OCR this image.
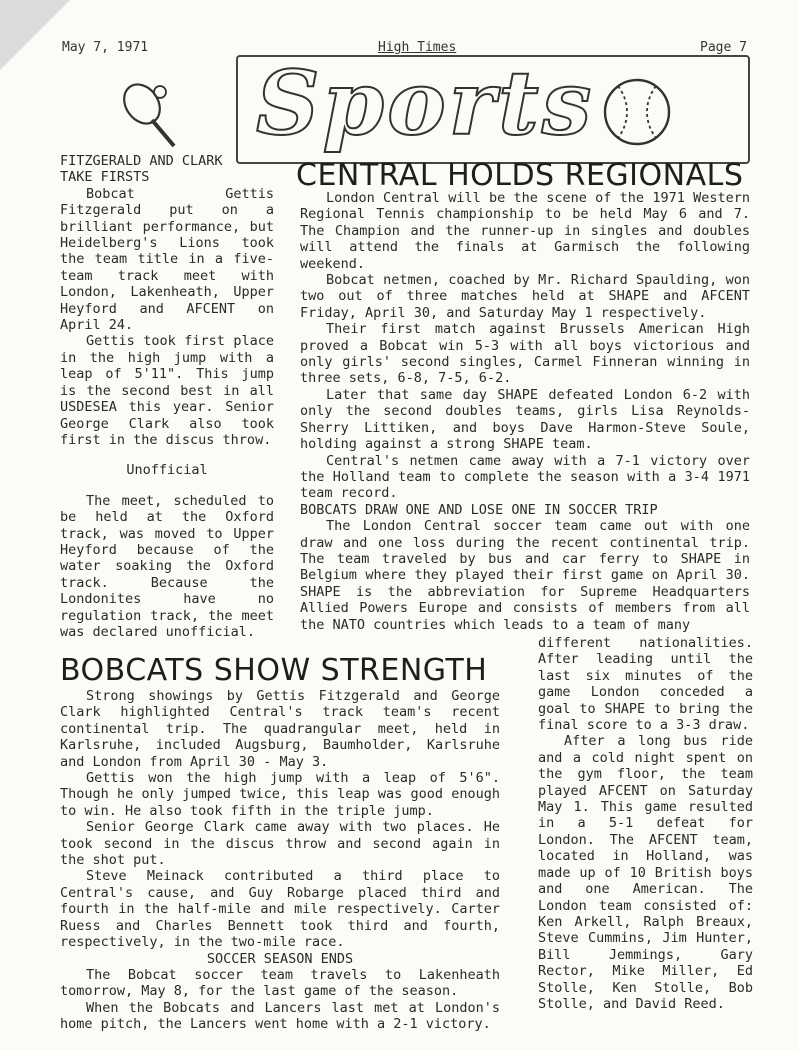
May 7, 1971	High Times	Page 7
Sports
FITZGERALD AND CLARK
TAKE FIRSTS

Bobcat Gettis Fitzgerald put on a brilliant performance, but Heidelberg's Lions took the team title in a five-team track meet with London, Lakenheath, Upper Heyford and AFCENT on April 24.

Gettis took first place in the high jump with a leap of 5'11". This jump is the second best in all USDESEA this year. Senior George Clark also took first in the discus throw.

Unofficial

The meet, scheduled to be held at the Oxford track, was moved to Upper Heyford because of the water soaking the Oxford track. Because the Londonites have no regulation track, the meet was declared unofficial.

CENTRAL HOLDS REGIONALS

London Central will be the scene of the 1971 Western Regional Tennis championship to be held May 6 and 7. The Champion and the runner-up in singles and doubles will attend the finals at Garmisch the following weekend.

Bobcat netmen, coached by Mr. Richard Spaulding, won two out of three matches held at SHAPE and AFCENT Friday, April 30, and Saturday May 1 respectively.

Their first match against Brussels American High proved a Bobcat win 5-3 with all boys victorious and only girls' second singles, Carmel Finneran winning in three sets, 6-8, 7-5, 6-2.

Later that same day SHAPE defeated London 6-2 with only the second doubles teams, girls Lisa Reynolds-Sherry Littiken, and boys Dave Harmon-Steve Soule, holding against a strong SHAPE team.

Central's netmen came away with a 7-1 victory over the Holland team to complete the season with a 3-4 1971 team record.

BOBCATS DRAW ONE AND LOSE ONE IN SOCCER TRIP

The London Central soccer team came out with one draw and one loss during the recent continental trip. The team traveled by bus and car ferry to SHAPE in Belgium where they played their first game on April 30. SHAPE is the abbreviation for Supreme Headquarters Allied Powers Europe and consists of members from all the NATO countries which leads to a team of many

BOBCATS SHOW STRENGTH

Strong showings by Gettis Fitzgerald and George Clark highlighted Central's track team's recent continental trip. The quadrangular meet, held in Karlsruhe, included Augsburg, Baumholder, Karlsruhe and London from April 30 - May 3.

Gettis won the high jump with a leap of 5'6". Though he only jumped twice, this leap was good enough to win. He also took fifth in the triple jump.

Senior George Clark came away with two places. He took second in the discus throw and second again in the shot put.

Steve Meinack contributed a third place to Central's cause, and Guy Robarge placed third and fourth in the half-mile and mile respectively. Carter Ruess and Charles Bennett took third and fourth, respectively, in the two-mile race.

SOCCER SEASON ENDS

The Bobcat soccer team travels to Lakenheath tomorrow, May 8, for the last game of the season.

When the Bobcats and Lancers last met at London's home pitch, the Lancers went home with a 2-1 victory.

different nationalities. After leading until the last six minutes of the game London conceded a goal to SHAPE to bring the final score to a 3-3 draw.

After a long bus ride and a cold night spent on the gym floor, the team played AFCENT on Saturday May 1. This game resulted in a 5-1 defeat for London. The AFCENT team, located in Holland, was made up of 10 British boys and one American. The London team consisted of: Ken Arkell, Ralph Breaux, Steve Cummins, Jim Hunter, Bill Jemmings, Gary Rector, Mike Miller, Ed Stolle, Ken Stolle, Bob Stolle, and David Reed.
